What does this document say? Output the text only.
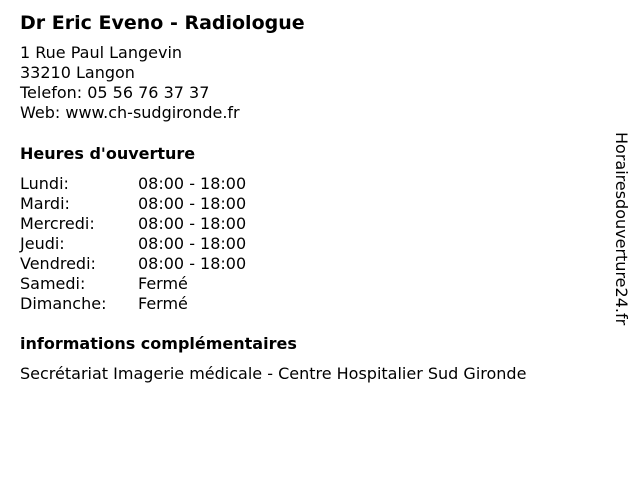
Dr Eric Eveno - Radiologue
1 Rue Paul Langevin
33210 Langon
Telefon: 05 56 76 37 37
Web: www.ch-sudgironde.fr
Heures d'ouverture
Lundi:	08:00 - 18:00
Mardi:	08:00 - 18:00
Mercredi:	08:00 - 18:00
Jeudi:	08:00 - 18:00
Vendredi:	08:00 - 18:00
Samedi:	Fermé
Dimanche: Fermé
informations complémentaires
Secrétariat Imagerie médicale - Centre Hospitalier Sud Gironde
Horairesdouverture24.fr
